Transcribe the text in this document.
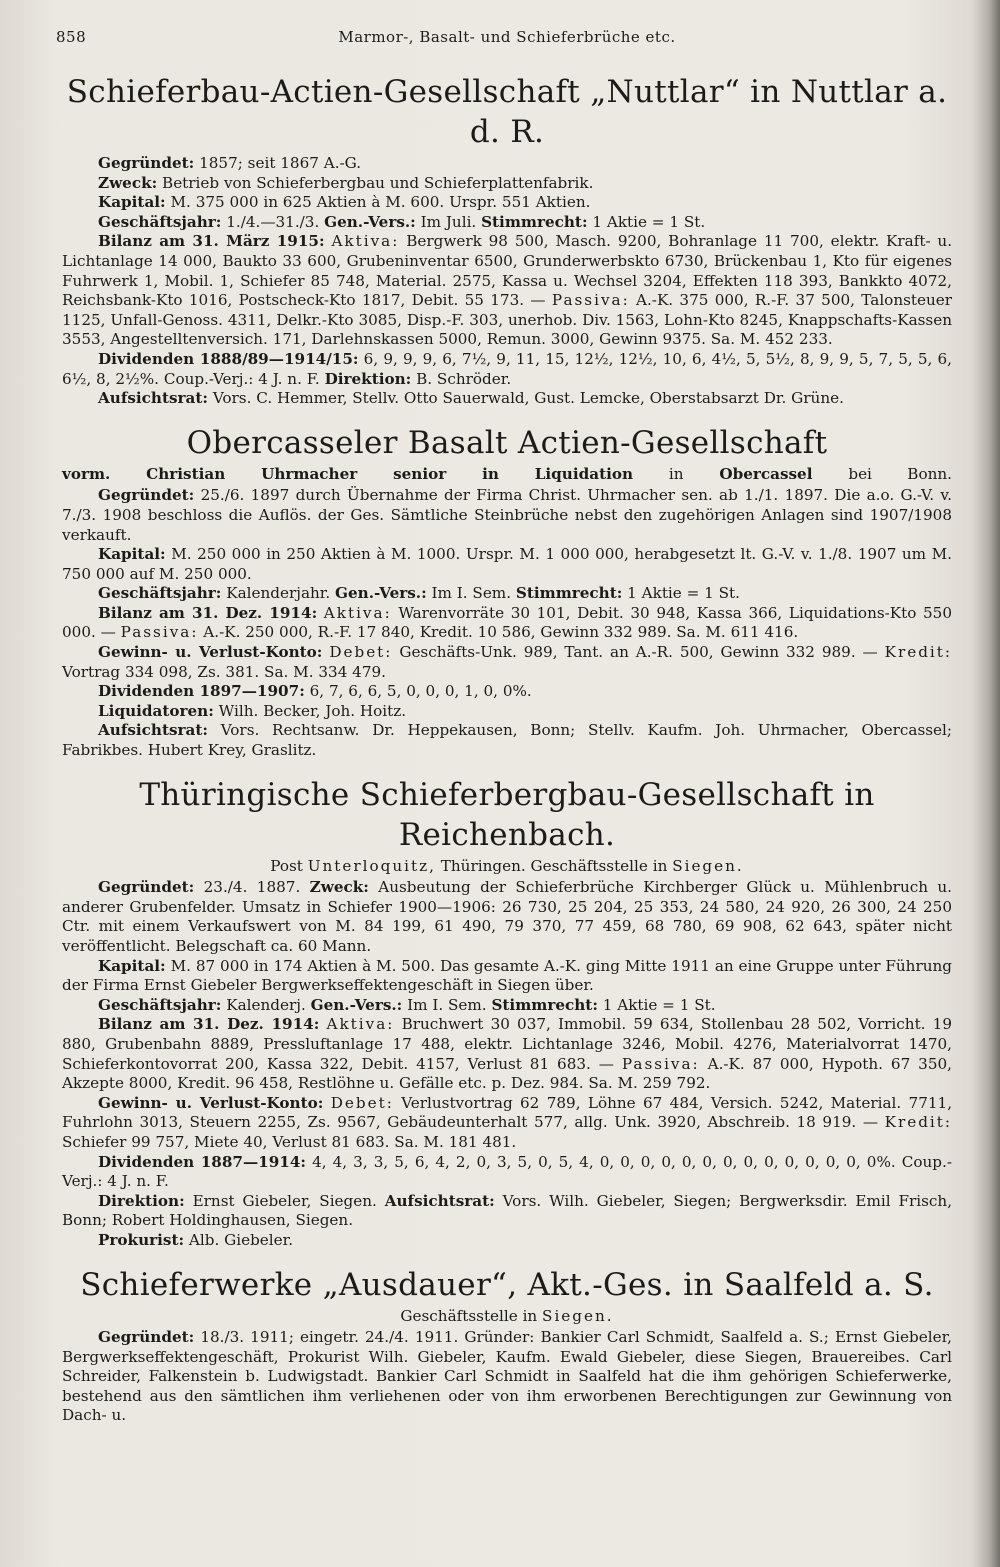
858	Marmor-, Basalt- und Schieferbrüche etc.
Schieferbau-Actien-Gesellschaft „Nuttlar“ in Nuttlar a. d. R.

Gegründet: 1857; seit 1867 A.-G.

Zweck: Betrieb von Schieferbergbau und Schieferplattenfabrik.

Kapital: M. 375 000 in 625 Aktien à M. 600. Urspr. 551 Aktien.

Geschäftsjahr: 1./4.—31./3. Gen.-Vers.: Im Juli. Stimmrecht: 1 Aktie = 1 St.

Bilanz am 31. März 1915: Aktiva: Bergwerk 98 500, Masch. 9200, Bohranlage 11 700, elektr. Kraft- u. Lichtanlage 14 000, Baukto 33 600, Grubeninventar 6500, Grunderwerbskto 6730, Brückenbau 1, Kto für eigenes Fuhrwerk 1, Mobil. 1, Schiefer 85 748, Material. 2575, Kassa u. Wechsel 3204, Effekten 118 393, Bankkto 4072, Reichsbank-Kto 1016, Postscheck-Kto 1817, Debit. 55 173. — Passiva: A.-K. 375 000, R.-F. 37 500, Talonsteuer 1125, Unfall-Genoss. 4311, Delkr.-Kto 3085, Disp.-F. 303, unerhob. Div. 1563, Lohn-Kto 8245, Knappschafts-Kassen 3553, Angestelltenversich. 171, Darlehnskassen 5000, Remun. 3000, Gewinn 9375. Sa. M. 452 233.

Dividenden 1888/89—1914/15: 6, 9, 9, 9, 6, 7½, 9, 11, 15, 12½, 12½, 10, 6, 4½, 5, 5½, 8, 9, 9, 5, 7, 5, 5, 6, 6½, 8, 2½%. Coup.-Verj.: 4 J. n. F. Direktion: B. Schröder.

Aufsichtsrat: Vors. C. Hemmer, Stellv. Otto Sauerwald, Gust. Lemcke, Oberstabsarzt Dr. Grüne.

Obercasseler Basalt Actien-Gesellschaft
vorm. Christian Uhrmacher senior in Liquidation in Obercassel bei Bonn.

Gegründet: 25./6. 1897 durch Übernahme der Firma Christ. Uhrmacher sen. ab 1./1. 1897. Die a.o. G.-V. v. 7./3. 1908 beschloss die Auflös. der Ges. Sämtliche Steinbrüche nebst den zugehörigen Anlagen sind 1907/1908 verkauft.

Kapital: M. 250 000 in 250 Aktien à M. 1000. Urspr. M. 1 000 000, herabgesetzt lt. G.-V. v. 1./8. 1907 um M. 750 000 auf M. 250 000.

Geschäftsjahr: Kalenderjahr. Gen.-Vers.: Im I. Sem. Stimmrecht: 1 Aktie = 1 St.

Bilanz am 31. Dez. 1914: Aktiva: Warenvorräte 30 101, Debit. 30 948, Kassa 366, Liquidations-Kto 550 000. — Passiva: A.-K. 250 000, R.-F. 17 840, Kredit. 10 586, Gewinn 332 989. Sa. M. 611 416.

Gewinn- u. Verlust-Konto: Debet: Geschäfts-Unk. 989, Tant. an A.-R. 500, Gewinn 332 989. — Kredit: Vortrag 334 098, Zs. 381. Sa. M. 334 479.

Dividenden 1897—1907: 6, 7, 6, 6, 5, 0, 0, 0, 1, 0, 0%.

Liquidatoren: Wilh. Becker, Joh. Hoitz.

Aufsichtsrat: Vors. Rechtsanw. Dr. Heppekausen, Bonn; Stellv. Kaufm. Joh. Uhrmacher, Obercassel; Fabrikbes. Hubert Krey, Graslitz.

Thüringische Schieferbergbau-Gesellschaft in Reichenbach.
Post Unterloquitz, Thüringen. Geschäftsstelle in Siegen.

Gegründet: 23./4. 1887. Zweck: Ausbeutung der Schieferbrüche Kirchberger Glück u. Mühlenbruch u. anderer Grubenfelder. Umsatz in Schiefer 1900—1906: 26 730, 25 204, 25 353, 24 580, 24 920, 26 300, 24 250 Ctr. mit einem Verkaufswert von M. 84 199, 61 490, 79 370, 77 459, 68 780, 69 908, 62 643, später nicht veröffentlicht. Belegschaft ca. 60 Mann.

Kapital: M. 87 000 in 174 Aktien à M. 500. Das gesamte A.-K. ging Mitte 1911 an eine Gruppe unter Führung der Firma Ernst Giebeler Bergwerkseffektengeschäft in Siegen über.

Geschäftsjahr: Kalenderj. Gen.-Vers.: Im I. Sem. Stimmrecht: 1 Aktie = 1 St.

Bilanz am 31. Dez. 1914: Aktiva: Bruchwert 30 037, Immobil. 59 634, Stollenbau 28 502, Vorricht. 19 880, Grubenbahn 8889, Pressluftanlage 17 488, elektr. Lichtanlage 3246, Mobil. 4276, Materialvorrat 1470, Schieferkontovorrat 200, Kassa 322, Debit. 4157, Verlust 81 683. — Passiva: A.-K. 87 000, Hypoth. 67 350, Akzepte 8000, Kredit. 96 458, Restlöhne u. Gefälle etc. p. Dez. 984. Sa. M. 259 792.

Gewinn- u. Verlust-Konto: Debet: Verlustvortrag 62 789, Löhne 67 484, Versich. 5242, Material. 7711, Fuhrlohn 3013, Steuern 2255, Zs. 9567, Gebäudeunterhalt 577, allg. Unk. 3920, Abschreib. 18 919. — Kredit: Schiefer 99 757, Miete 40, Verlust 81 683. Sa. M. 181 481.

Dividenden 1887—1914: 4, 4, 3, 3, 5, 6, 4, 2, 0, 3, 5, 0, 5, 4, 0, 0, 0, 0, 0, 0, 0, 0, 0, 0, 0, 0, 0, 0%. Coup.-Verj.: 4 J. n. F.

Direktion: Ernst Giebeler, Siegen. Aufsichtsrat: Vors. Wilh. Giebeler, Siegen; Bergwerksdir. Emil Frisch, Bonn; Robert Holdinghausen, Siegen.

Prokurist: Alb. Giebeler.

Schieferwerke „Ausdauer“, Akt.-Ges. in Saalfeld a. S.
Geschäftsstelle in Siegen.

Gegründet: 18./3. 1911; eingetr. 24./4. 1911. Gründer: Bankier Carl Schmidt, Saalfeld a. S.; Ernst Giebeler, Bergwerkseffektengeschäft, Prokurist Wilh. Giebeler, Kaufm. Ewald Giebeler, diese Siegen, Brauereibes. Carl Schreider, Falkenstein b. Ludwigstadt. Bankier Carl Schmidt in Saalfeld hat die ihm gehörigen Schieferwerke, bestehend aus den sämtlichen ihm verliehenen oder von ihm erworbenen Berechtigungen zur Gewinnung von Dach- u.
